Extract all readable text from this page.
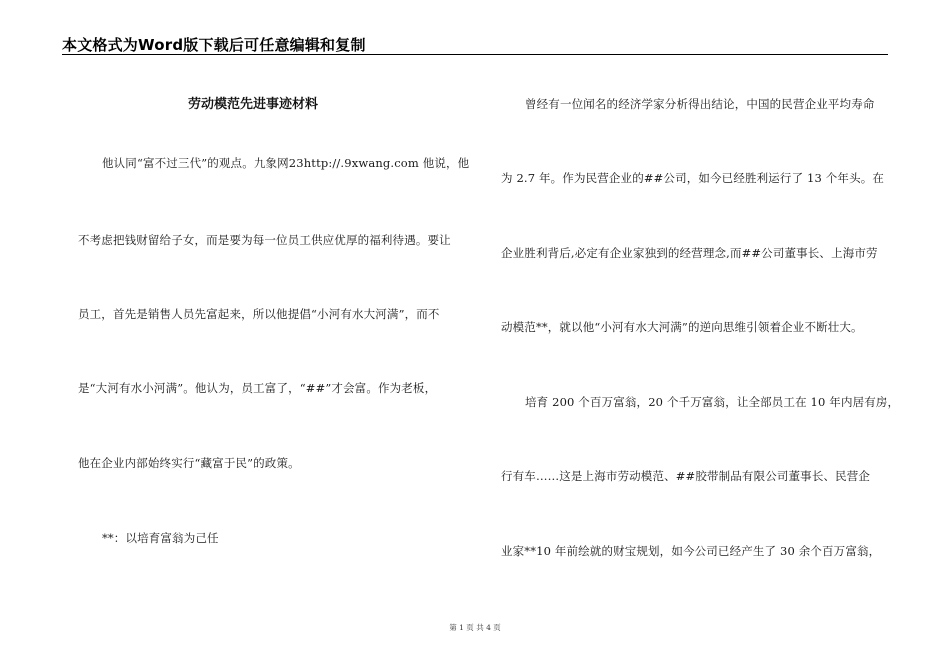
本文格式为Word版下载后可任意编辑和复制
劳动模范先进事迹材料
他认同“富不过三代”的观点。九象网23http://.9xwang.com 他说，他
不考虑把钱财留给子女，而是要为每一位员工供应优厚的福利待遇。要让
员工，首先是销售人员先富起来，所以他提倡“小河有水大河满”，而不
是“大河有水小河满”。他认为，员工富了，“##”才会富。作为老板，
他在企业内部始终实行“藏富于民”的政策。
**：以培育富翁为己任
曾经有一位闻名的经济学家分析得出结论，中国的民营企业平均寿命
为 2.7 年。作为民营企业的##公司，如今已经胜利运行了 13 个年头。在
企业胜利背后,必定有企业家独到的经营理念,而##公司董事长、上海市劳
动模范**，就以他“小河有水大河满”的逆向思维引领着企业不断壮大。
培育 200 个百万富翁，20 个千万富翁，让全部员工在 10 年内居有房，
行有车……这是上海市劳动模范、##胶带制品有限公司董事长、民营企
业家**10 年前绘就的财宝规划，如今公司已经产生了 30 余个百万富翁，
第 1 页 共 4 页
